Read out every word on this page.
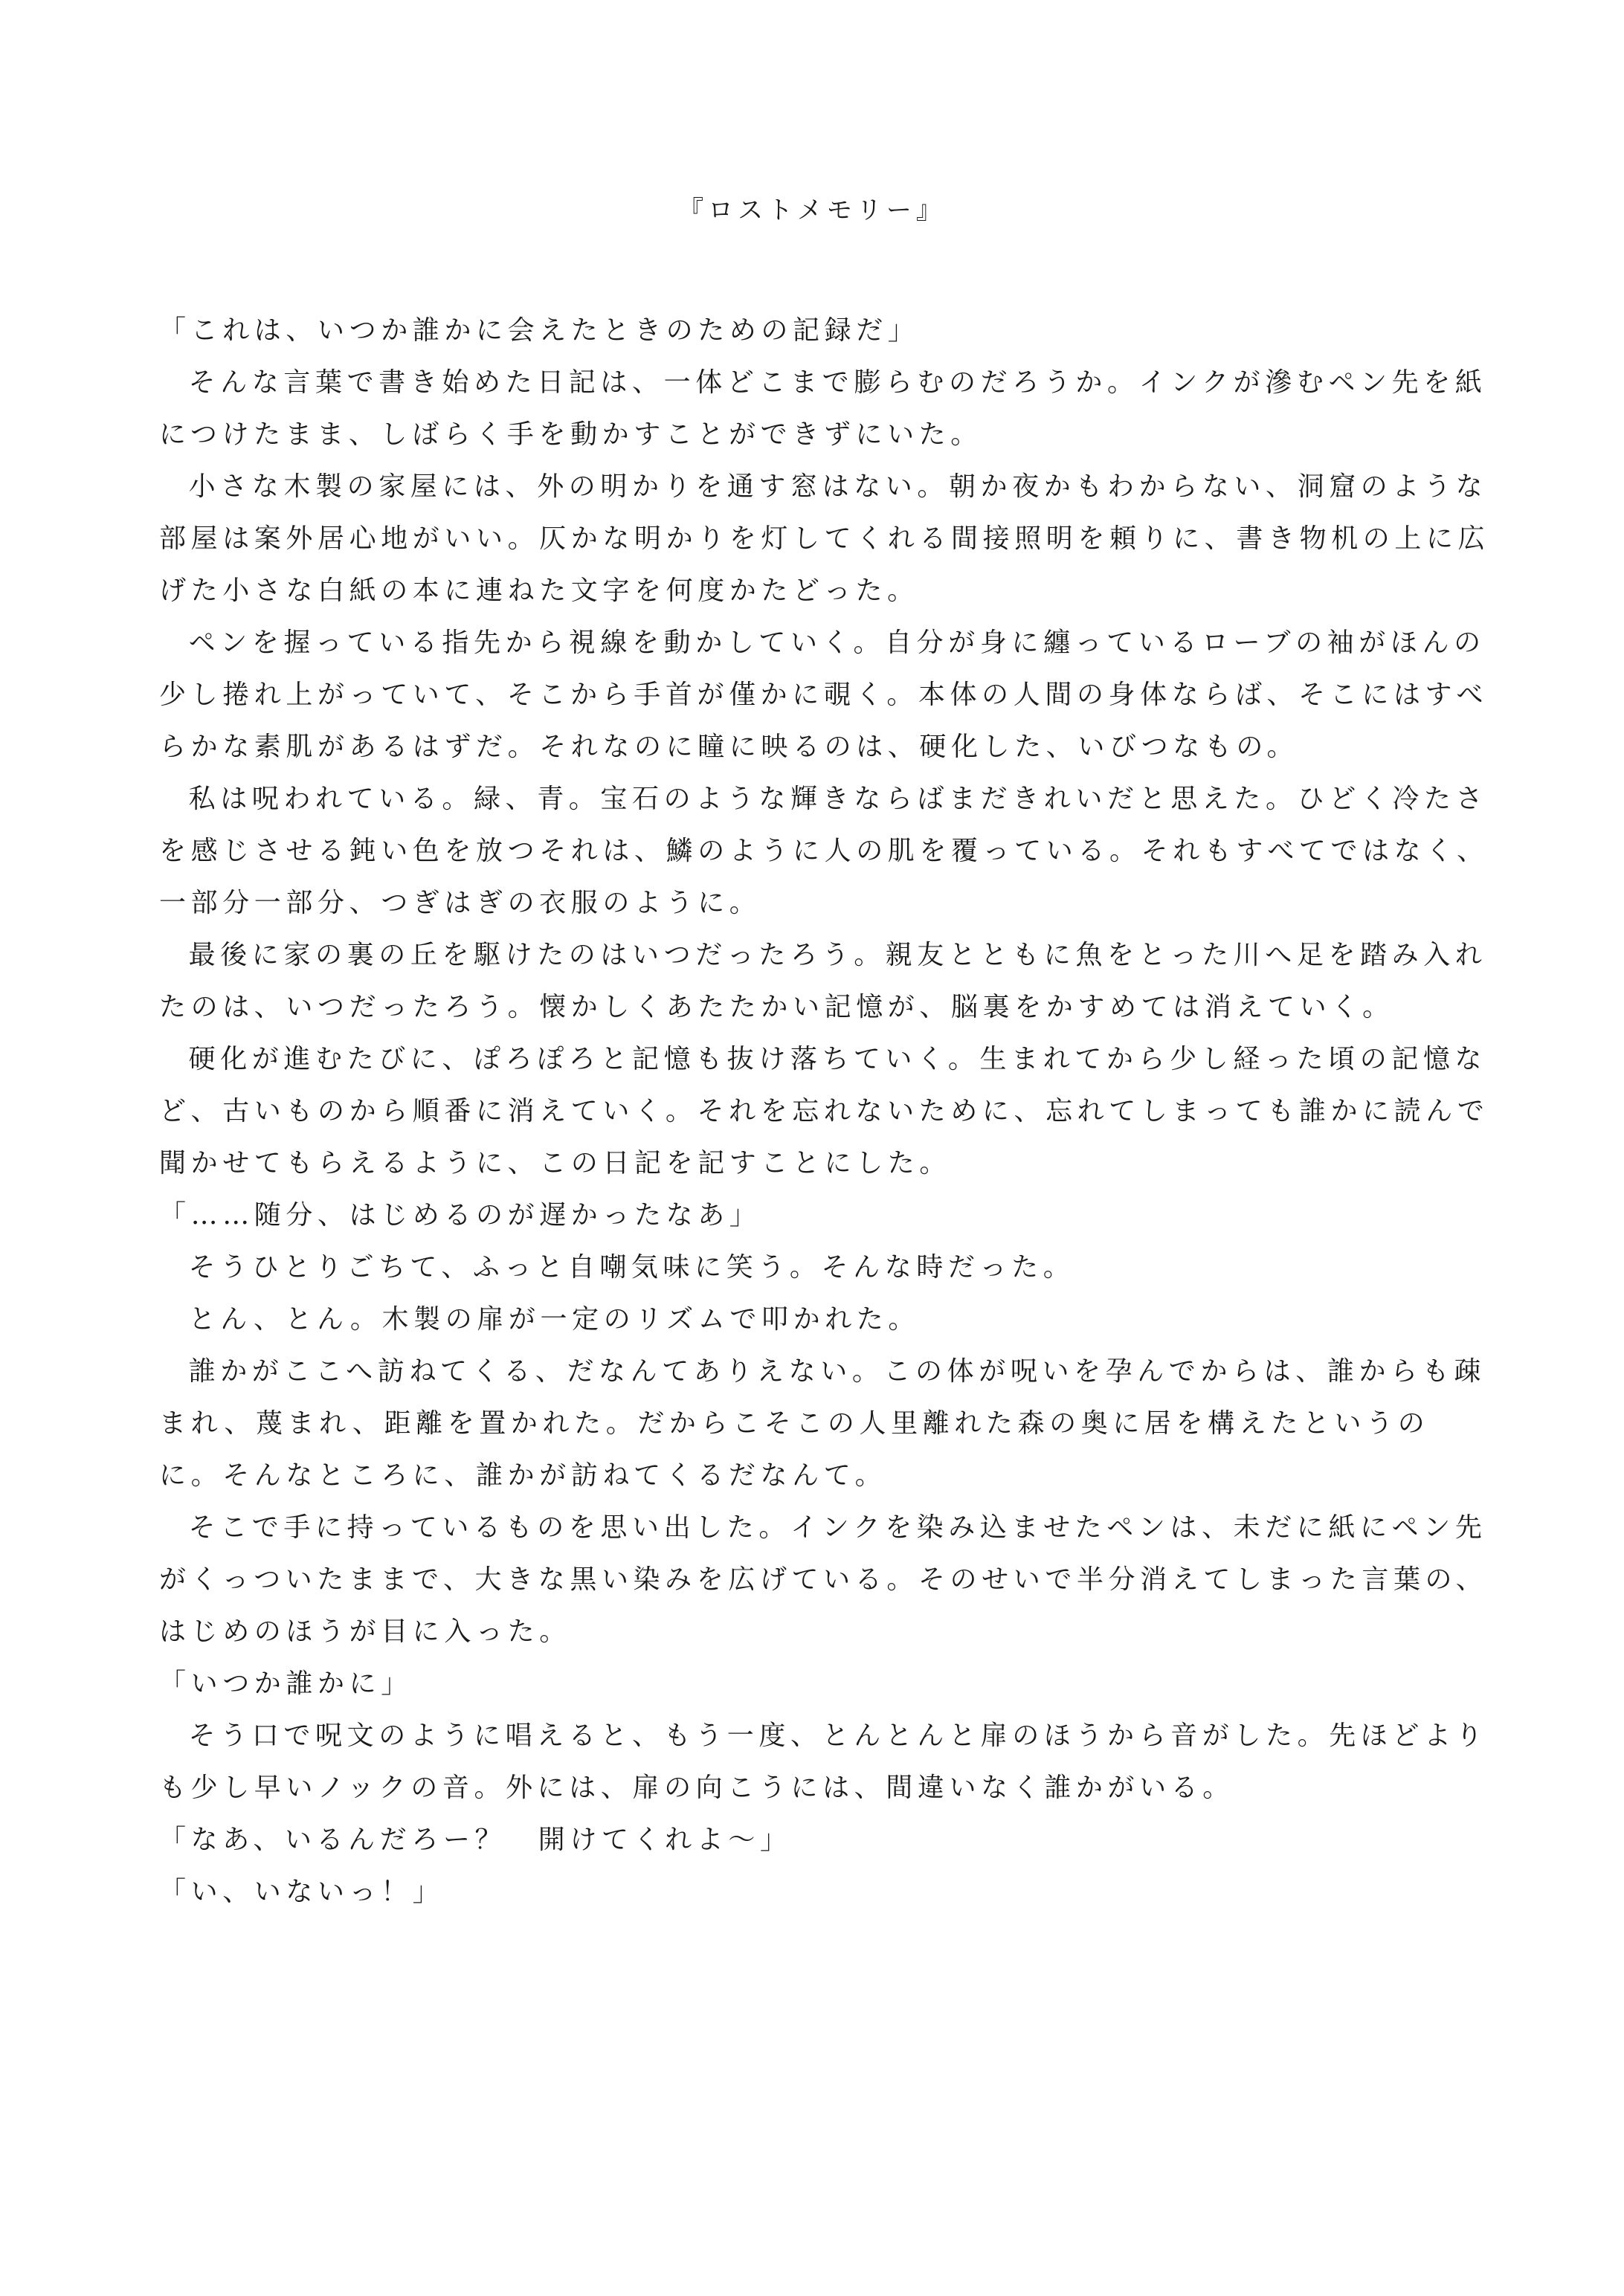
『ロストメモリー』

「これは、いつか誰かに会えたときのための記録だ」

そんな言葉で書き始めた日記は、一体どこまで膨らむのだろうか。インクが滲むペン先を紙につけたまま、しばらく手を動かすことができずにいた。

小さな木製の家屋には、外の明かりを通す窓はない。朝か夜かもわからない、洞窟のような部屋は案外居心地がいい。仄かな明かりを灯してくれる間接照明を頼りに、書き物机の上に広げた小さな白紙の本に連ねた文字を何度かたどった。

ペンを握っている指先から視線を動かしていく。自分が身に纏っているローブの袖がほんの少し捲れ上がっていて、そこから手首が僅かに覗く。本体の人間の身体ならば、そこにはすべらかな素肌があるはずだ。それなのに瞳に映るのは、硬化した、いびつなもの。

私は呪われている。緑、青。宝石のような輝きならばまだきれいだと思えた。ひどく冷たさを感じさせる鈍い色を放つそれは、鱗のように人の肌を覆っている。それもすべてではなく、一部分一部分、つぎはぎの衣服のように。

最後に家の裏の丘を駆けたのはいつだったろう。親友とともに魚をとった川へ足を踏み入れたのは、いつだったろう。懐かしくあたたかい記憶が、脳裏をかすめては消えていく。

硬化が進むたびに、ぽろぽろと記憶も抜け落ちていく。生まれてから少し経った頃の記憶など、古いものから順番に消えていく。それを忘れないために、忘れてしまっても誰かに読んで聞かせてもらえるように、この日記を記すことにした。

「……随分、はじめるのが遅かったなあ」

そうひとりごちて、ふっと自嘲気味に笑う。そんな時だった。

とん、とん。木製の扉が一定のリズムで叩かれた。

誰かがここへ訪ねてくる、だなんてありえない。この体が呪いを孕んでからは、誰からも疎まれ、蔑まれ、距離を置かれた。だからこそこの人里離れた森の奥に居を構えたというのに。そんなところに、誰かが訪ねてくるだなんて。

そこで手に持っているものを思い出した。インクを染み込ませたペンは、未だに紙にペン先がくっついたままで、大きな黒い染みを広げている。そのせいで半分消えてしまった言葉の、はじめのほうが目に入った。

「いつか誰かに」

そう口で呪文のように唱えると、もう一度、とんとんと扉のほうから音がした。先ほどよりも少し早いノックの音。外には、扉の向こうには、間違いなく誰かがいる。

「なあ、いるんだろー？　開けてくれよ～」

「い、いないっ！」
